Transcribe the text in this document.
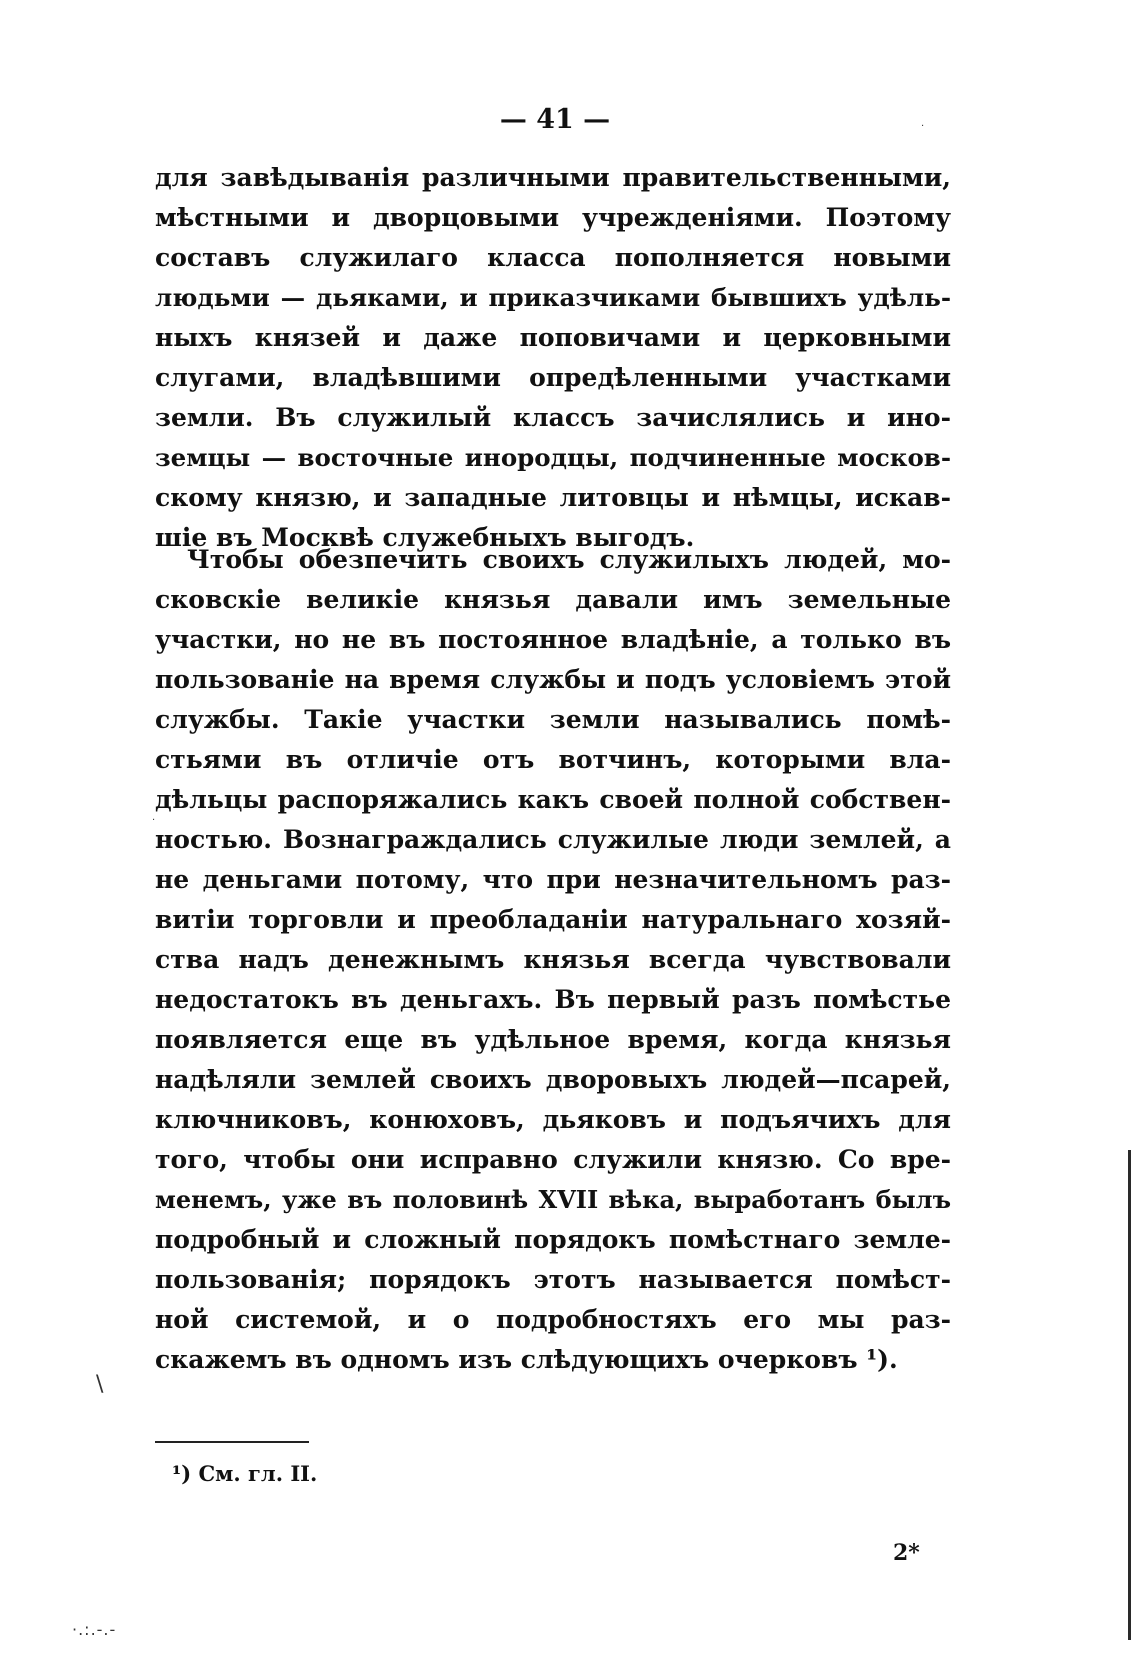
— 41 —
для завѣдыванія различными правительственными,
мѣстными и дворцовыми учрежденіями. Поэтому
составъ служилаго класса пополняется новыми
людьми — дьяками, и приказчиками бывшихъ удѣль-
ныхъ князей и даже поповичами и церковными
слугами, владѣвшими опредѣленными участками
земли. Въ служилый классъ зачислялись и ино-
земцы — восточные инородцы, подчиненные москов-
скому князю, и западные литовцы и нѣмцы, искав-
шіе въ Москвѣ служебныхъ выгодъ.
Чтобы обезпечить своихъ служилыхъ людей, мо-
сковскіе великіе князья давали имъ земельные
участки, но не въ постоянное владѣніе, а только въ
пользованіе на время службы и подъ условіемъ этой
службы. Такіе участки земли назывались помѣ-
стьями въ отличіе отъ вотчинъ, которыми вла-
дѣльцы распоряжались какъ своей полной собствен-
ностью. Вознаграждались служилые люди землей, а
не деньгами потому, что при незначительномъ раз-
витіи торговли и преобладаніи натуральнаго хозяй-
ства надъ денежнымъ князья всегда чувствовали
недостатокъ въ деньгахъ. Въ первый разъ помѣстье
появляется еще въ удѣльное время, когда князья
надѣляли землей своихъ дворовыхъ людей—псарей,
ключниковъ, конюховъ, дьяковъ и подъячихъ для
того, чтобы они исправно служили князю. Со вре-
менемъ, уже въ половинѣ XVII вѣка, выработанъ былъ
подробный и сложный порядокъ помѣстнаго земле-
пользованія; порядокъ этотъ называется помѣст-
ной системой, и о подробностяхъ его мы раз-
скажемъ въ одномъ изъ слѣдующихъ очерковъ ¹).
¹) См. гл. II.
2*
\
·.:.-.-
·
·
